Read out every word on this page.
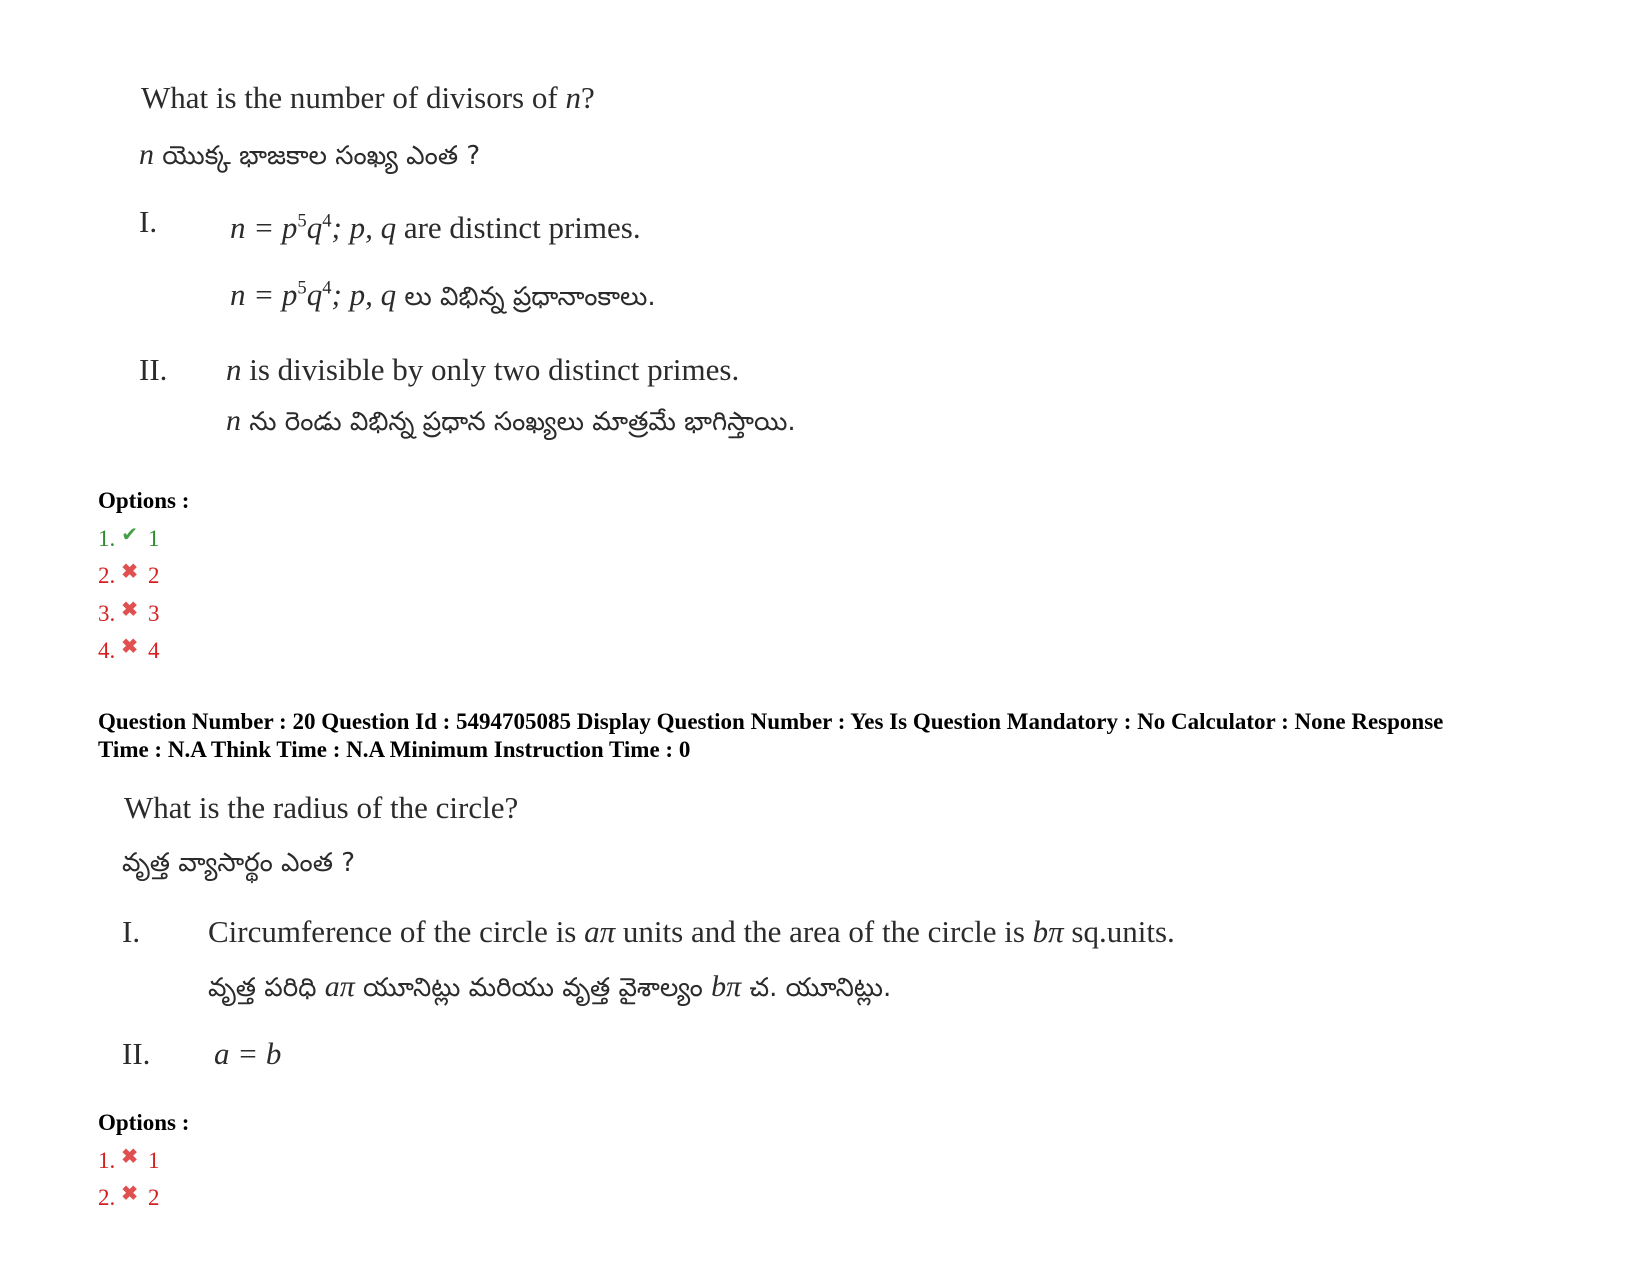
What is the number of divisors of n?
n యొక్క భాజకాల సంఖ్య ఎంత ?
I. $n = p^5q^4$; p, q are distinct primes.
$n = p^5q^4$; p, q లు విభిన్న ప్రధానాంకాలు.
II. n is divisible by only two distinct primes.
n ను రెండు విభిన్న ప్రధాన సంఖ్యలు మాత్రమే భాగిస్తాయి.
Options :
1. ✔ 1
2. ✖ 2
3. ✖ 3
4. ✖ 4
Question Number : 20 Question Id : 5494705085 Display Question Number : Yes Is Question Mandatory : No Calculator : None Response
Time : N.A Think Time : N.A Minimum Instruction Time : 0
What is the radius of the circle?
వృత్త వ్యాసార్థం ఎంత ?
I. Circumference of the circle is aπ units and the area of the circle is bπ sq.units.
వృత్త పరిధి aπ యూనిట్లు మరియు వృత్త వైశాల్యం bπ చ. యూనిట్లు.
II. a = b
Options :
1. ✖ 1
2. ✖ 2
